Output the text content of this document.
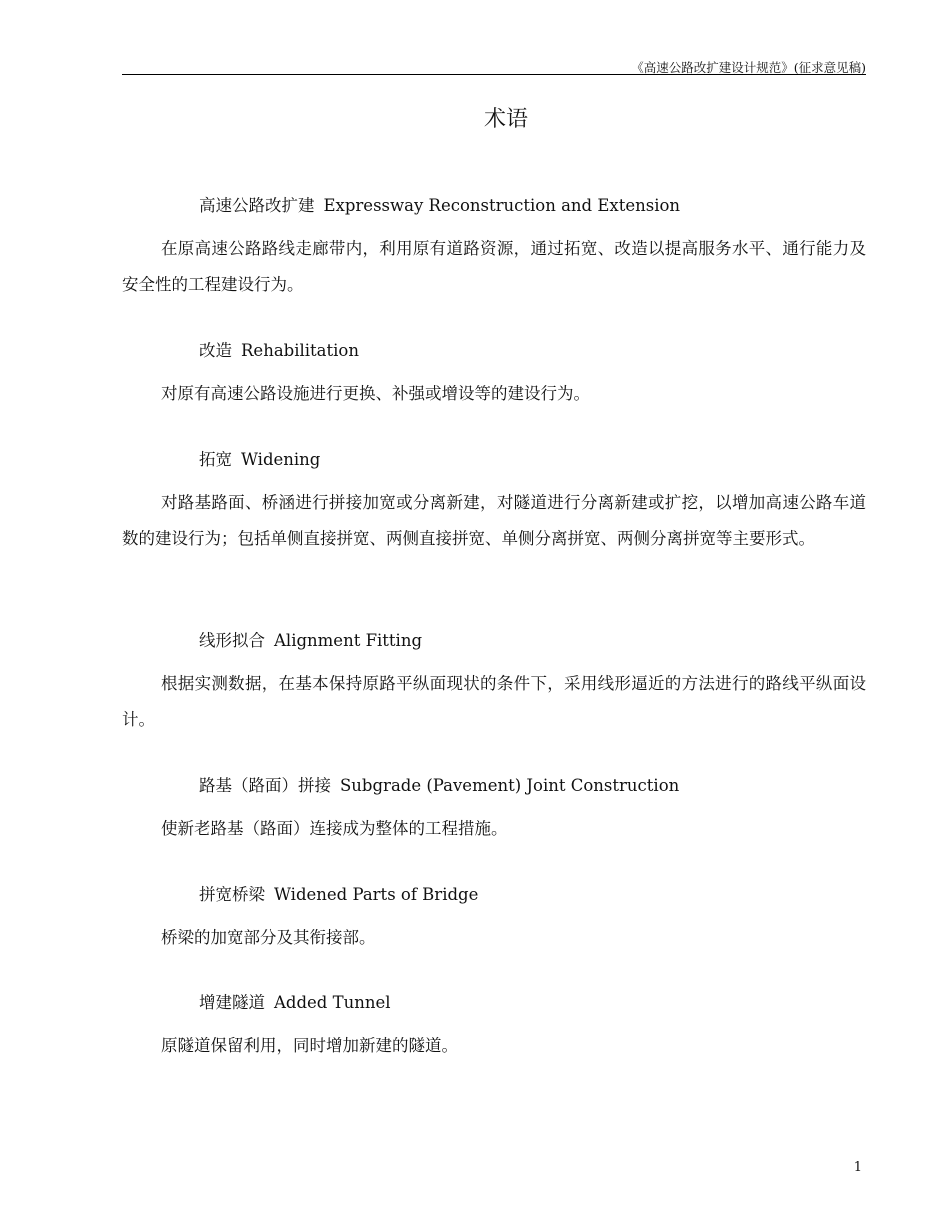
《高速公路改扩建设计规范》(征求意见稿)
术语
高速公路改扩建 Expressway Reconstruction and Extension
在原高速公路路线走廊带内，利用原有道路资源，通过拓宽、改造以提高服务水平、通行能力及安全性的工程建设行为。
改造 Rehabilitation
对原有高速公路设施进行更换、补强或增设等的建设行为。
拓宽 Widening
对路基路面、桥涵进行拼接加宽或分离新建，对隧道进行分离新建或扩挖，以增加高速公路车道数的建设行为；包括单侧直接拼宽、两侧直接拼宽、单侧分离拼宽、两侧分离拼宽等主要形式。
线形拟合 Alignment Fitting
根据实测数据，在基本保持原路平纵面现状的条件下，采用线形逼近的方法进行的路线平纵面设计。
路基（路面）拼接 Subgrade (Pavement) Joint Construction
使新老路基（路面）连接成为整体的工程措施。
拼宽桥梁 Widened Parts of Bridge
桥梁的加宽部分及其衔接部。
增建隧道 Added Tunnel
原隧道保留利用，同时增加新建的隧道。
1
